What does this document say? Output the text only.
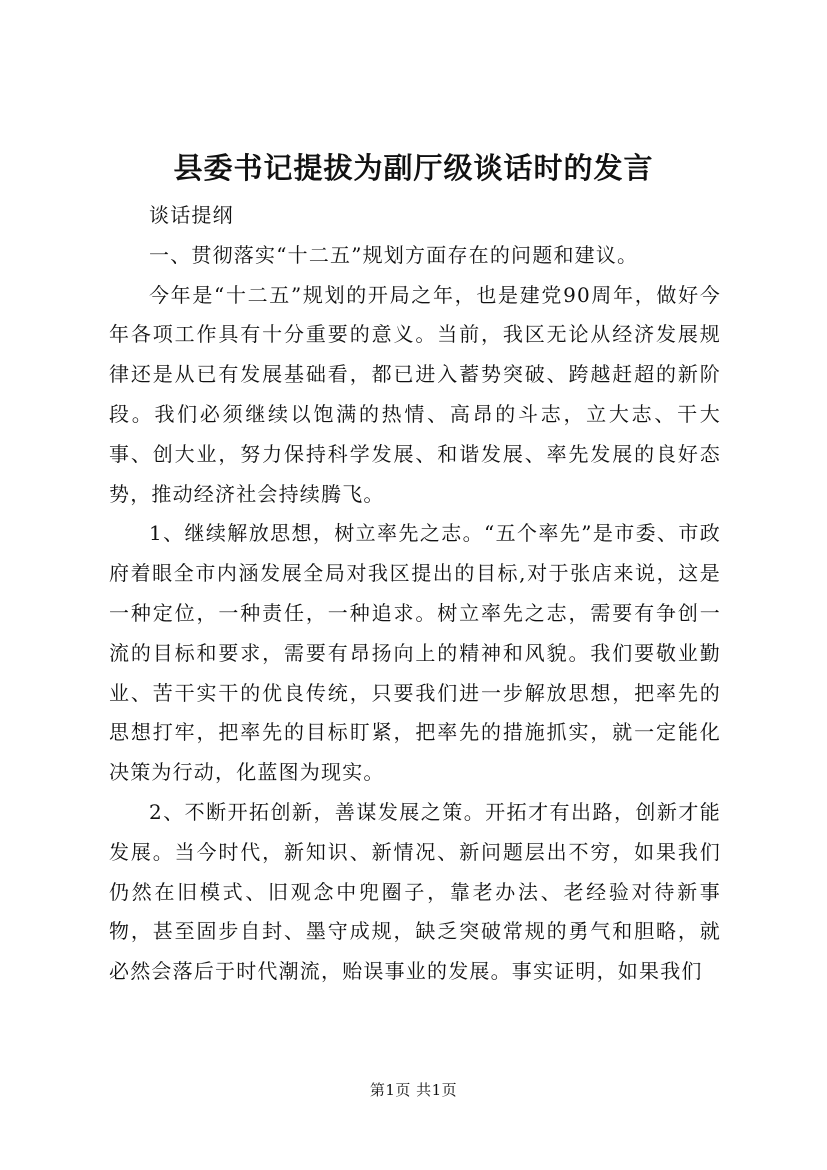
县委书记提拔为副厅级谈话时的发言

谈话提纲

一、贯彻落实“十二五”规划方面存在的问题和建议。

今年是“十二五”规划的开局之年，也是建党90周年，做好今年各项工作具有十分重要的意义。当前，我区无论从经济发展规律还是从已有发展基础看，都已进入蓄势突破、跨越赶超的新阶段。我们必须继续以饱满的热情、高昂的斗志，立大志、干大事、创大业，努力保持科学发展、和谐发展、率先发展的良好态势，推动经济社会持续腾飞。

1、继续解放思想，树立率先之志。“五个率先”是市委、市政府着眼全市内涵发展全局对我区提出的目标,对于张店来说，这是一种定位，一种责任，一种追求。树立率先之志，需要有争创一流的目标和要求，需要有昂扬向上的精神和风貌。我们要敬业勤业、苦干实干的优良传统，只要我们进一步解放思想，把率先的思想打牢，把率先的目标盯紧，把率先的措施抓实，就一定能化决策为行动，化蓝图为现实。

2、不断开拓创新，善谋发展之策。开拓才有出路，创新才能发展。当今时代，新知识、新情况、新问题层出不穷，如果我们仍然在旧模式、旧观念中兜圈子，靠老办法、老经验对待新事物，甚至固步自封、墨守成规，缺乏突破常规的勇气和胆略，就必然会落后于时代潮流，贻误事业的发展。事实证明，如果我们

第1页 共1页
